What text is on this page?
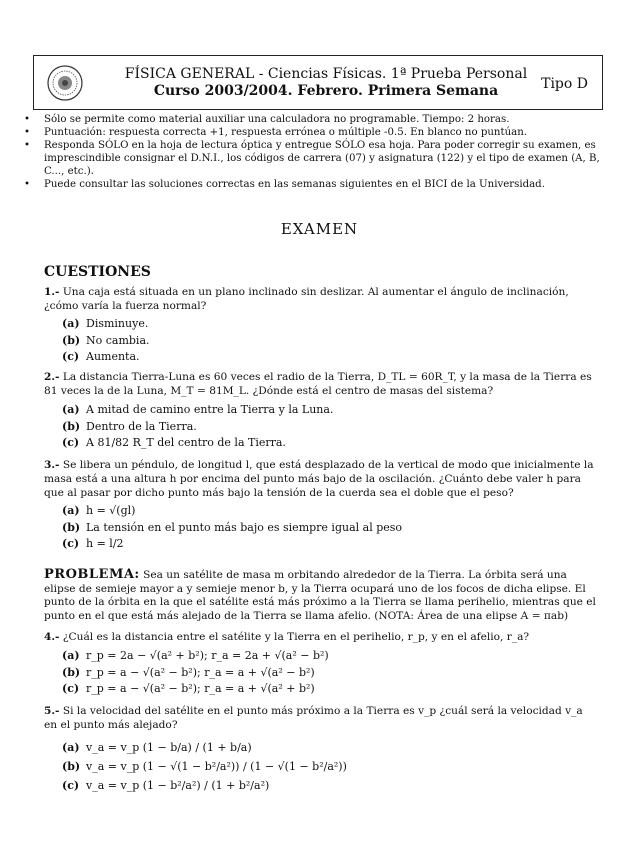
FÍSICA GENERAL - Ciencias Físicas. 1ª Prueba Personal
Curso 2003/2004. Febrero. Primera Semana	Tipo D
• Sólo se permite como material auxiliar una calculadora no programable. Tiempo: 2 horas.
• Puntuación: respuesta correcta +1, respuesta errónea o múltiple -0.5. En blanco no puntúan.
• Responda SÓLO en la hoja de lectura óptica y entregue SÓLO esa hoja. Para poder corregir su examen, es imprescindible consignar el D.N.I., los códigos de carrera (07) y asignatura (122) y el tipo de examen (A, B, C..., etc.).
• Puede consultar las soluciones correctas en las semanas siguientes en el BICI de la Universidad.
EXAMEN
CUESTIONES
1.- Una caja está situada en un plano inclinado sin deslizar. Al aumentar el ángulo de inclinación, ¿cómo varía la fuerza normal?
(a) Disminuye.
(b) No cambia.
(c) Aumenta.
2.- La distancia Tierra-Luna es 60 veces el radio de la Tierra, D_TL = 60R_T, y la masa de la Tierra es 81 veces la de la Luna, M_T = 81M_L. ¿Dónde está el centro de masas del sistema?
(a) A mitad de camino entre la Tierra y la Luna.
(b) Dentro de la Tierra.
(c) A 81/82 R_T del centro de la Tierra.
3.- Se libera un péndulo, de longitud l, que está desplazado de la vertical de modo que inicialmente la masa está a una altura h por encima del punto más bajo de la oscilación. ¿Cuánto debe valer h para que al pasar por dicho punto más bajo la tensión de la cuerda sea el doble que el peso?
(a) h = √(gl)
(b) La tensión en el punto más bajo es siempre igual al peso
(c) h = l/2
PROBLEMA: Sea un satélite de masa m orbitando alrededor de la Tierra. La órbita será una elipse de semieje mayor a y semieje menor b, y la Tierra ocupará uno de los focos de dicha elipse. El punto de la órbita en la que el satélite está más próximo a la Tierra se llama perihelio, mientras que el punto en el que está más alejado de la Tierra se llama afelio. (NOTA: Área de una elipse A = πab)
4.- ¿Cuál es la distancia entre el satélite y la Tierra en el perihelio, r_p, y en el afelio, r_a?
(a) r_p = 2a − √(a² + b²); r_a = 2a + √(a² − b²)
(b) r_p = a − √(a² − b²); r_a = a + √(a² − b²)
(c) r_p = a − √(a² − b²); r_a = a + √(a² + b²)
5.- Si la velocidad del satélite en el punto más próximo a la Tierra es v_p ¿cuál será la velocidad v_a en el punto más alejado?
(a) v_a = v_p (1 − b/a) / (1 + b/a)
(b) v_a = v_p (1 − √(1 − b²/a²)) / (1 − √(1 − b²/a²))
(c) v_a = v_p (1 − b²/a²) / (1 + b²/a²)
